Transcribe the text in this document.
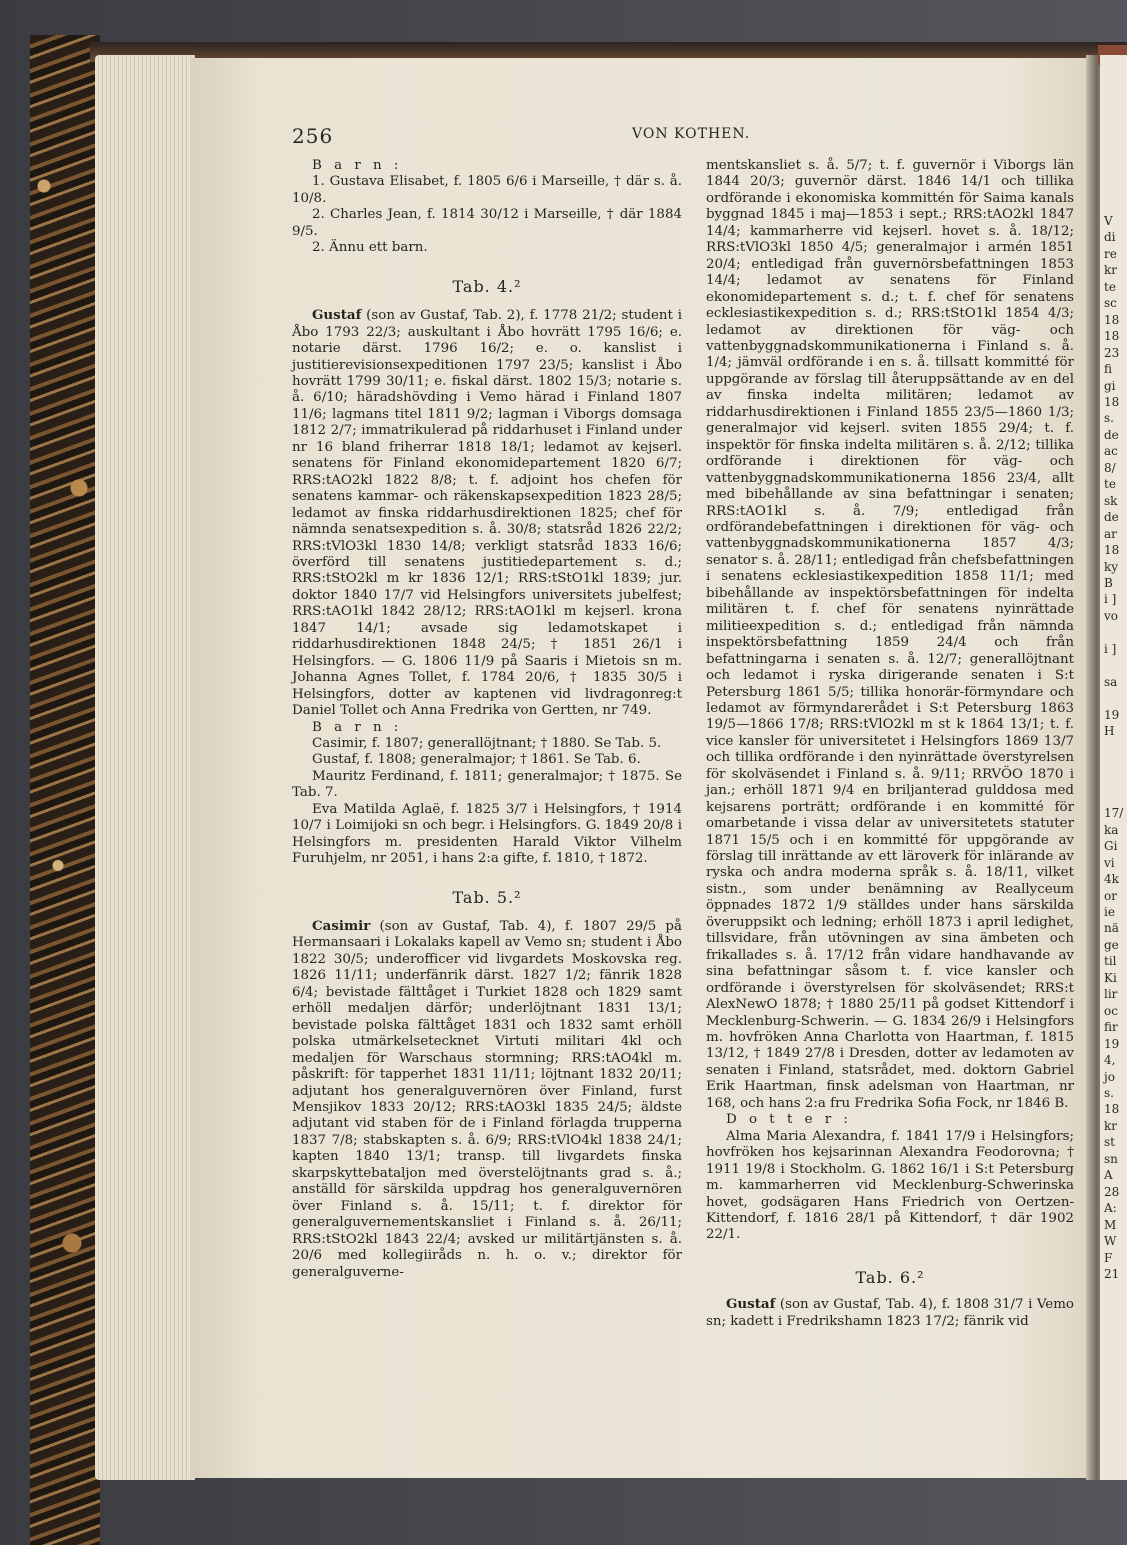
V
di
re
kr
te
sc
18
18
23
fi
gi
18
s.
de
ac
8/
te
sk
de
ar
18
ky
B
i ]
vo

i ]

sa

19
H

17/
ka
Gi
vi
4k
or
ie
nä
ge
til
Ki
lir
oc
fir
19
4,
jo
s.
18
kr
st
sn
A
28
A:
M
W
F
21
256	VON KOTHEN.

B a r n :

1. Gustava Elisabet, f. 1805 6/6 i Marseille, † där s. å. 10/8.

2. Charles Jean, f. 1814 30/12 i Marseille, † där 1884 9/5.

2. Ännu ett barn.

Tab. 4.²

Gustaf (son av Gustaf, Tab. 2), f. 1778 21/2; student i Åbo 1793 22/3; auskultant i Åbo hovrätt 1795 16/6; e. notarie därst. 1796 16/2; e. o. kanslist i justitierevisionsexpeditionen 1797 23/5; kanslist i Åbo hovrätt 1799 30/11; e. fiskal därst. 1802 15/3; notarie s. å. 6/10; häradshövding i Vemo härad i Finland 1807 11/6; lagmans titel 1811 9/2; lagman i Viborgs domsaga 1812 2/7; immatrikulerad på riddarhuset i Finland under nr 16 bland friherrar 1818 18/1; ledamot av kejserl. senatens för Finland ekonomidepartement 1820 6/7; RRS:tAO2kl 1822 8/8; t. f. adjoint hos chefen för senatens kammar- och räkenskapsexpedition 1823 28/5; ledamot av finska riddarhusdirektionen 1825; chef för nämnda senatsexpedition s. å. 30/8; statsråd 1826 22/2; RRS:tVlO3kl 1830 14/8; verkligt statsråd 1833 16/6; överförd till senatens justitiedepartement s. d.; RRS:tStO2kl m kr 1836 12/1; RRS:tStO1kl 1839; jur. doktor 1840 17/7 vid Helsingfors universitets jubelfest; RRS:tAO1kl 1842 28/12; RRS:tAO1kl m kejserl. krona 1847 14/1; avsade sig ledamotskapet i riddarhusdirektionen 1848 24/5; † 1851 26/1 i Helsingfors. — G. 1806 11/9 på Saaris i Mietois sn m. Johanna Agnes Tollet, f. 1784 20/6, † 1835 30/5 i Helsingfors, dotter av kaptenen vid livdragonreg:t Daniel Tollet och Anna Fredrika von Gertten, nr 749.

B a r n :

Casimir, f. 1807; generallöjtnant; † 1880. Se Tab. 5.

Gustaf, f. 1808; generalmajor; † 1861. Se Tab. 6.

Mauritz Ferdinand, f. 1811; generalmajor; † 1875. Se Tab. 7.

Eva Matilda Aglaë, f. 1825 3/7 i Helsingfors, † 1914 10/7 i Loimijoki sn och begr. i Helsingfors. G. 1849 20/8 i Helsingfors m. presidenten Harald Viktor Vilhelm Furuhjelm, nr 2051, i hans 2:a gifte, f. 1810, † 1872.

Tab. 5.²

Casimir (son av Gustaf, Tab. 4), f. 1807 29/5 på Hermansaari i Lokalaks kapell av Vemo sn; student i Åbo 1822 30/5; underofficer vid livgardets Moskovska reg. 1826 11/11; underfänrik därst. 1827 1/2; fänrik 1828 6/4; bevistade fälttåget i Turkiet 1828 och 1829 samt erhöll medaljen därför; underlöjtnant 1831 13/1; bevistade polska fälttåget 1831 och 1832 samt erhöll polska utmärkelsetecknet Virtuti militari 4kl och medaljen för Warschaus stormning; RRS:tAO4kl m. påskrift: för tapperhet 1831 11/11; löjtnant 1832 20/11; adjutant hos generalguvernören över Finland, furst Mensjikov 1833 20/12; RRS:tAO3kl 1835 24/5; äldste adjutant vid staben för de i Finland förlagda trupperna 1837 7/8; stabskapten s. å. 6/9; RRS:tVlO4kl 1838 24/1; kapten 1840 13/1; transp. till livgardets finska skarpskyttebataljon med överstelöjtnants grad s. å.; anställd för särskilda uppdrag hos generalguvernören över Finland s. å. 15/11; t. f. direktor för generalguvernementskansliet i Finland s. å. 26/11; RRS:tStO2kl 1843 22/4; avsked ur militärtjänsten s. å. 20/6 med kollegiiråds n. h. o. v.; direktor för generalguverne-

mentskansliet s. å. 5/7; t. f. guvernör i Viborgs län 1844 20/3; guvernör därst. 1846 14/1 och tillika ordförande i ekonomiska kommittén för Saima kanals byggnad 1845 i maj—1853 i sept.; RRS:tAO2kl 1847 14/4; kammarherre vid kejserl. hovet s. å. 18/12; RRS:tVlO3kl 1850 4/5; generalmajor i armén 1851 20/4; entledigad från guvernörsbefattningen 1853 14/4; ledamot av senatens för Finland ekonomidepartement s. d.; t. f. chef för senatens ecklesiastikexpedition s. d.; RRS:tStO1kl 1854 4/3; ledamot av direktionen för väg- och vattenbyggnadskommunikationerna i Finland s. å. 1/4; jämväl ordförande i en s. å. tillsatt kommitté för uppgörande av förslag till återuppsättande av en del av finska indelta militären; ledamot av riddarhusdirektionen i Finland 1855 23/5—1860 1/3; generalmajor vid kejserl. sviten 1855 29/4; t. f. inspektör för finska indelta militären s. å. 2/12; tillika ordförande i direktionen för väg- och vattenbyggnadskommunikationerna 1856 23/4, allt med bibehållande av sina befattningar i senaten; RRS:tAO1kl s. å. 7/9; entledigad från ordförandebefattningen i direktionen för väg- och vattenbyggnadskommunikationerna 1857 4/3; senator s. å. 28/11; entledigad från chefsbefattningen i senatens ecklesiastikexpedition 1858 11/1; med bibehållande av inspektörsbefattningen för indelta militären t. f. chef för senatens nyinrättade militieexpedition s. d.; entledigad från nämnda inspektörsbefattning 1859 24/4 och från befattningarna i senaten s. å. 12/7; generallöjtnant och ledamot i ryska dirigerande senaten i S:t Petersburg 1861 5/5; tillika honorär-förmyndare och ledamot av förmyndarerådet i S:t Petersburg 1863 19/5—1866 17/8; RRS:tVlO2kl m st k 1864 13/1; t. f. vice kansler för universitetet i Helsingfors 1869 13/7 och tillika ordförande i den nyinrättade överstyrelsen för skolväsendet i Finland s. å. 9/11; RRVÖO 1870 i jan.; erhöll 1871 9/4 en briljanterad gulddosa med kejsarens porträtt; ordförande i en kommitté för omarbetande i vissa delar av universitetets statuter 1871 15/5 och i en kommitté för uppgörande av förslag till inrättande av ett läroverk för inlärande av ryska och andra moderna språk s. å. 18/11, vilket sistn., som under benämning av Reallyceum öppnades 1872 1/9 ställdes under hans särskilda överuppsikt och ledning; erhöll 1873 i april ledighet, tillsvidare, från utövningen av sina ämbeten och frikallades s. å. 17/12 från vidare handhavande av sina befattningar såsom t. f. vice kansler och ordförande i överstyrelsen för skolväsendet; RRS:t AlexNewO 1878; † 1880 25/11 på godset Kittendorf i Mecklenburg-Schwerin. — G. 1834 26/9 i Helsingfors m. hovfröken Anna Charlotta von Haartman, f. 1815 13/12, † 1849 27/8 i Dresden, dotter av ledamoten av senaten i Finland, statsrådet, med. doktorn Gabriel Erik Haartman, finsk adelsman von Haartman, nr 168, och hans 2:a fru Fredrika Sofia Fock, nr 1846 B.

D o t t e r :

Alma Maria Alexandra, f. 1841 17/9 i Helsingfors; hovfröken hos kejsarinnan Alexandra Feodorovna; † 1911 19/8 i Stockholm. G. 1862 16/1 i S:t Petersburg m. kammarherren vid Mecklenburg-Schwerinska hovet, godsägaren Hans Friedrich von Oertzen-Kittendorf, f. 1816 28/1 på Kittendorf, † där 1902 22/1.

Tab. 6.²

Gustaf (son av Gustaf, Tab. 4), f. 1808 31/7 i Vemo sn; kadett i Fredrikshamn 1823 17/2; fänrik vid
